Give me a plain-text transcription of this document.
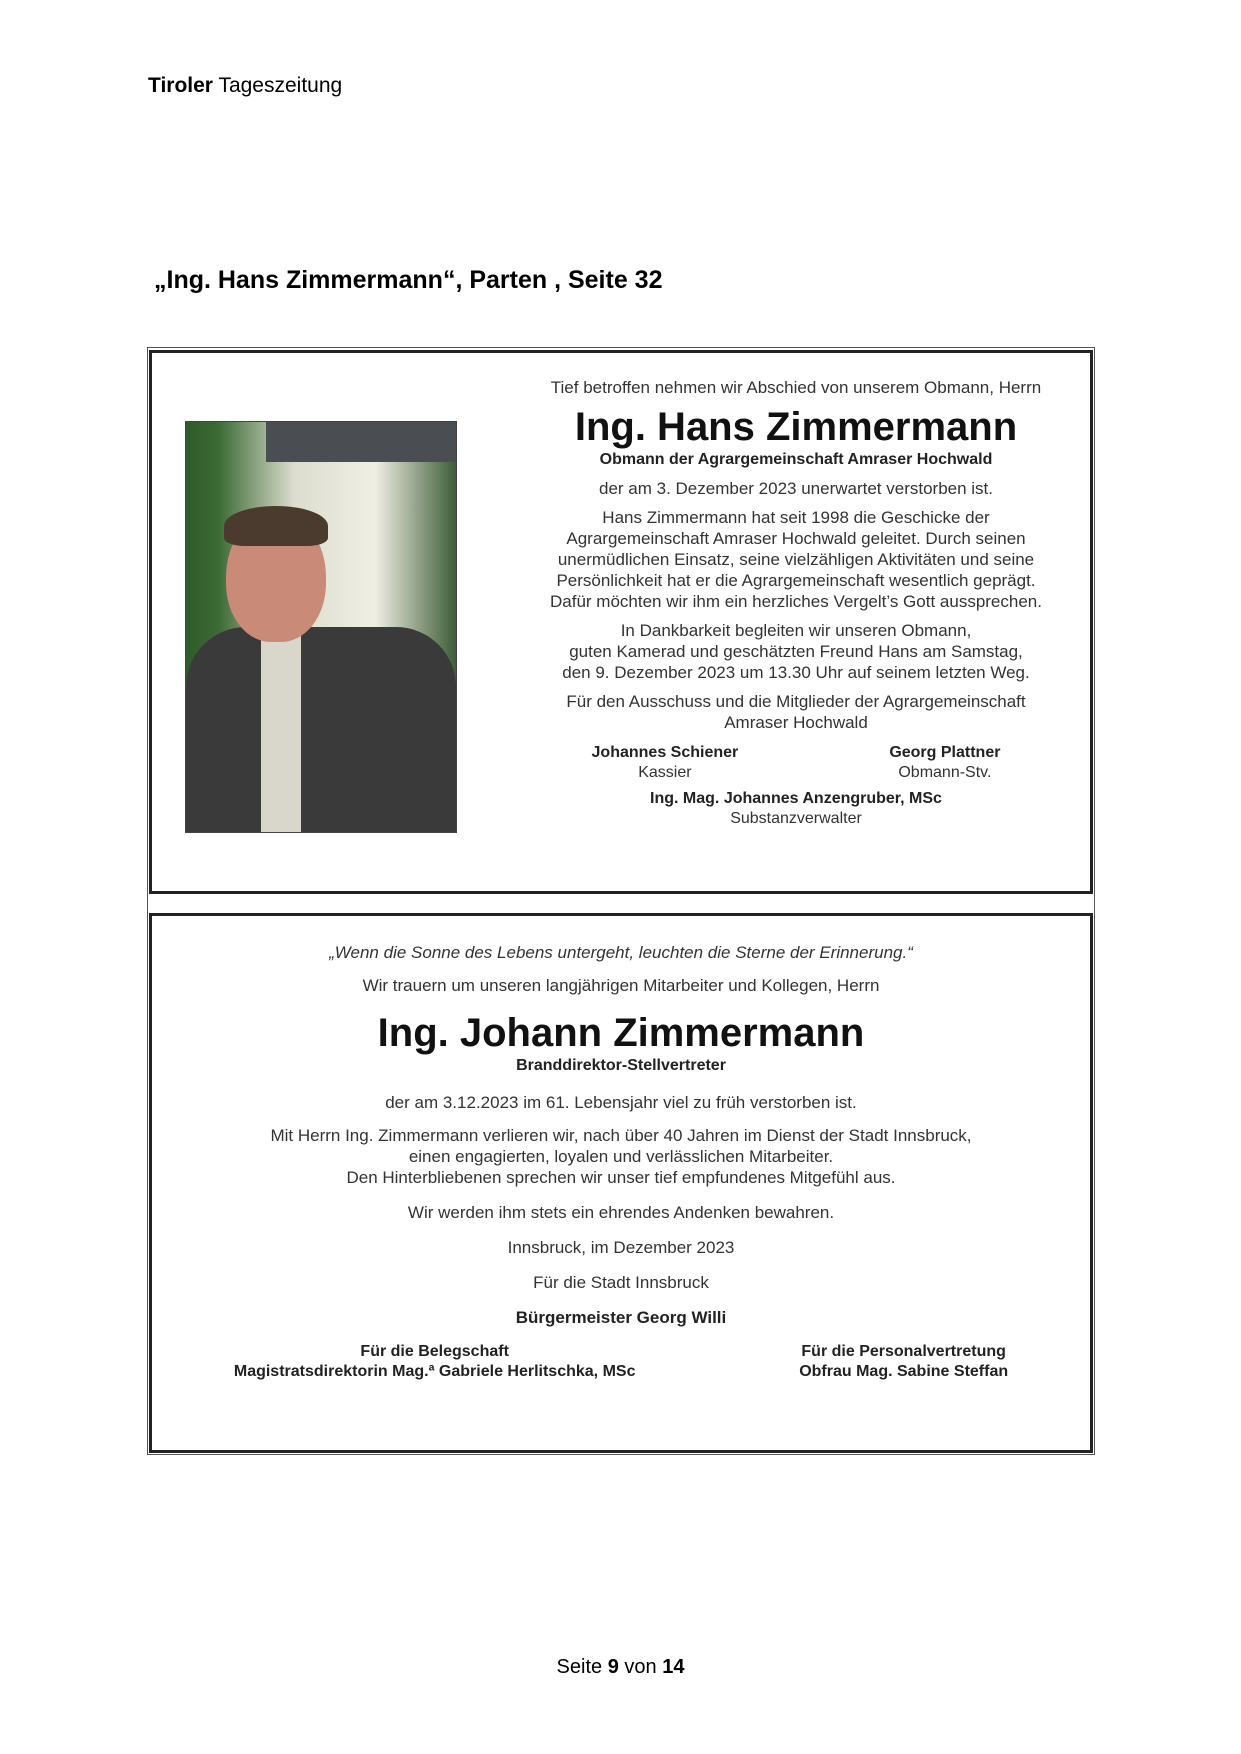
Tiroler Tageszeitung
„Ing. Hans Zimmermann“, Parten , Seite 32
Tief betroffen nehmen wir Abschied von unserem Obmann, Herrn
Ing. Hans Zimmermann
Obmann der Agrargemeinschaft Amraser Hochwald
der am 3. Dezember 2023 unerwartet verstorben ist.
Hans Zimmermann hat seit 1998 die Geschicke der
Agrargemeinschaft Amraser Hochwald geleitet. Durch seinen
unermüdlichen Einsatz, seine vielzähligen Aktivitäten und seine
Persönlichkeit hat er die Agrargemeinschaft wesentlich geprägt.
Dafür möchten wir ihm ein herzliches Vergelt’s Gott aussprechen.
In Dankbarkeit begleiten wir unseren Obmann,
guten Kamerad und geschätzten Freund Hans am Samstag,
den 9. Dezember 2023 um 13.30 Uhr auf seinem letzten Weg.
Für den Ausschuss und die Mitglieder der Agrargemeinschaft
Amraser Hochwald
Johannes Schiener
Kassier
Georg Plattner
Obmann-Stv.
Ing. Mag. Johannes Anzengruber, MSc
Substanzverwalter
„Wenn die Sonne des Lebens untergeht, leuchten die Sterne der Erinnerung.“
Wir trauern um unseren langjährigen Mitarbeiter und Kollegen, Herrn
Ing. Johann Zimmermann
Branddirektor-Stellvertreter
der am 3.12.2023 im 61. Lebensjahr viel zu früh verstorben ist.
Mit Herrn Ing. Zimmermann verlieren wir, nach über 40 Jahren im Dienst der Stadt Innsbruck,
einen engagierten, loyalen und verlässlichen Mitarbeiter.
Den Hinterbliebenen sprechen wir unser tief empfundenes Mitgefühl aus.
Wir werden ihm stets ein ehrendes Andenken bewahren.
Innsbruck, im Dezember 2023
Für die Stadt Innsbruck
Bürgermeister Georg Willi
Für die Belegschaft
Magistratsdirektorin Mag.ª Gabriele Herlitschka, MSc
Für die Personalvertretung
Obfrau Mag. Sabine Steffan
Seite 9 von 14
